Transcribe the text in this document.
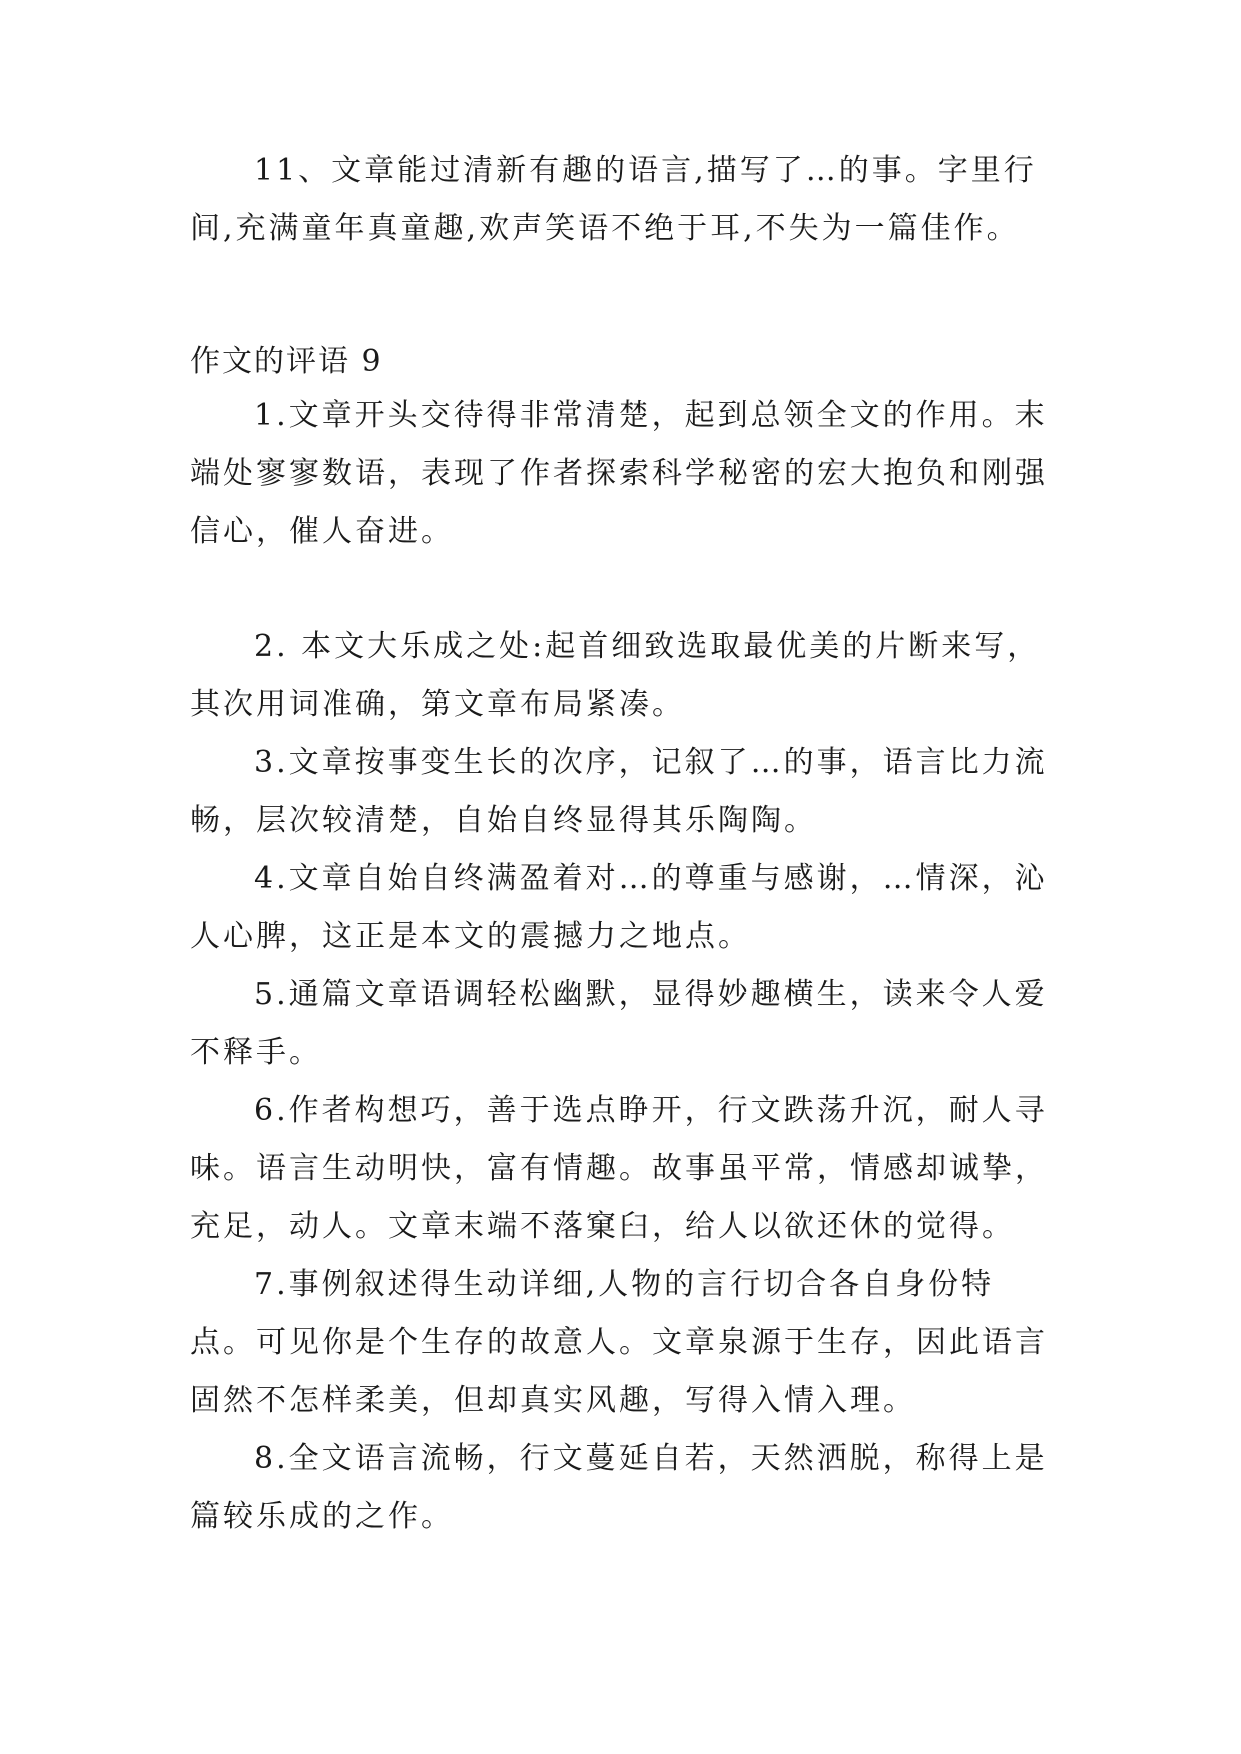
11、文章能过清新有趣的语言,描写了…的事。字里行间,充满童年真童趣,欢声笑语不绝于耳,不失为一篇佳作。

作文的评语 9

1.文章开头交待得非常清楚，起到总领全文的作用。末端处寥寥数语，表现了作者探索科学秘密的宏大抱负和刚强信心，催人奋进。

2. 本文大乐成之处:起首细致选取最优美的片断来写，其次用词准确，第文章布局紧凑。

3.文章按事变生长的次序，记叙了…的事，语言比力流畅，层次较清楚，自始自终显得其乐陶陶。

4.文章自始自终满盈着对…的尊重与感谢，…情深，沁人心脾，这正是本文的震撼力之地点。

5.通篇文章语调轻松幽默，显得妙趣横生，读来令人爱不释手。

6.作者构想巧，善于选点睁开，行文跌荡升沉，耐人寻味。语言生动明快，富有情趣。故事虽平常，情感却诚挚，充足，动人。文章末端不落窠臼，给人以欲还休的觉得。

7.事例叙述得生动详细,人物的言行切合各自身份特点。可见你是个生存的故意人。文章泉源于生存，因此语言固然不怎样柔美，但却真实风趣，写得入情入理。

8.全文语言流畅，行文蔓延自若，天然洒脱，称得上是篇较乐成的之作。
